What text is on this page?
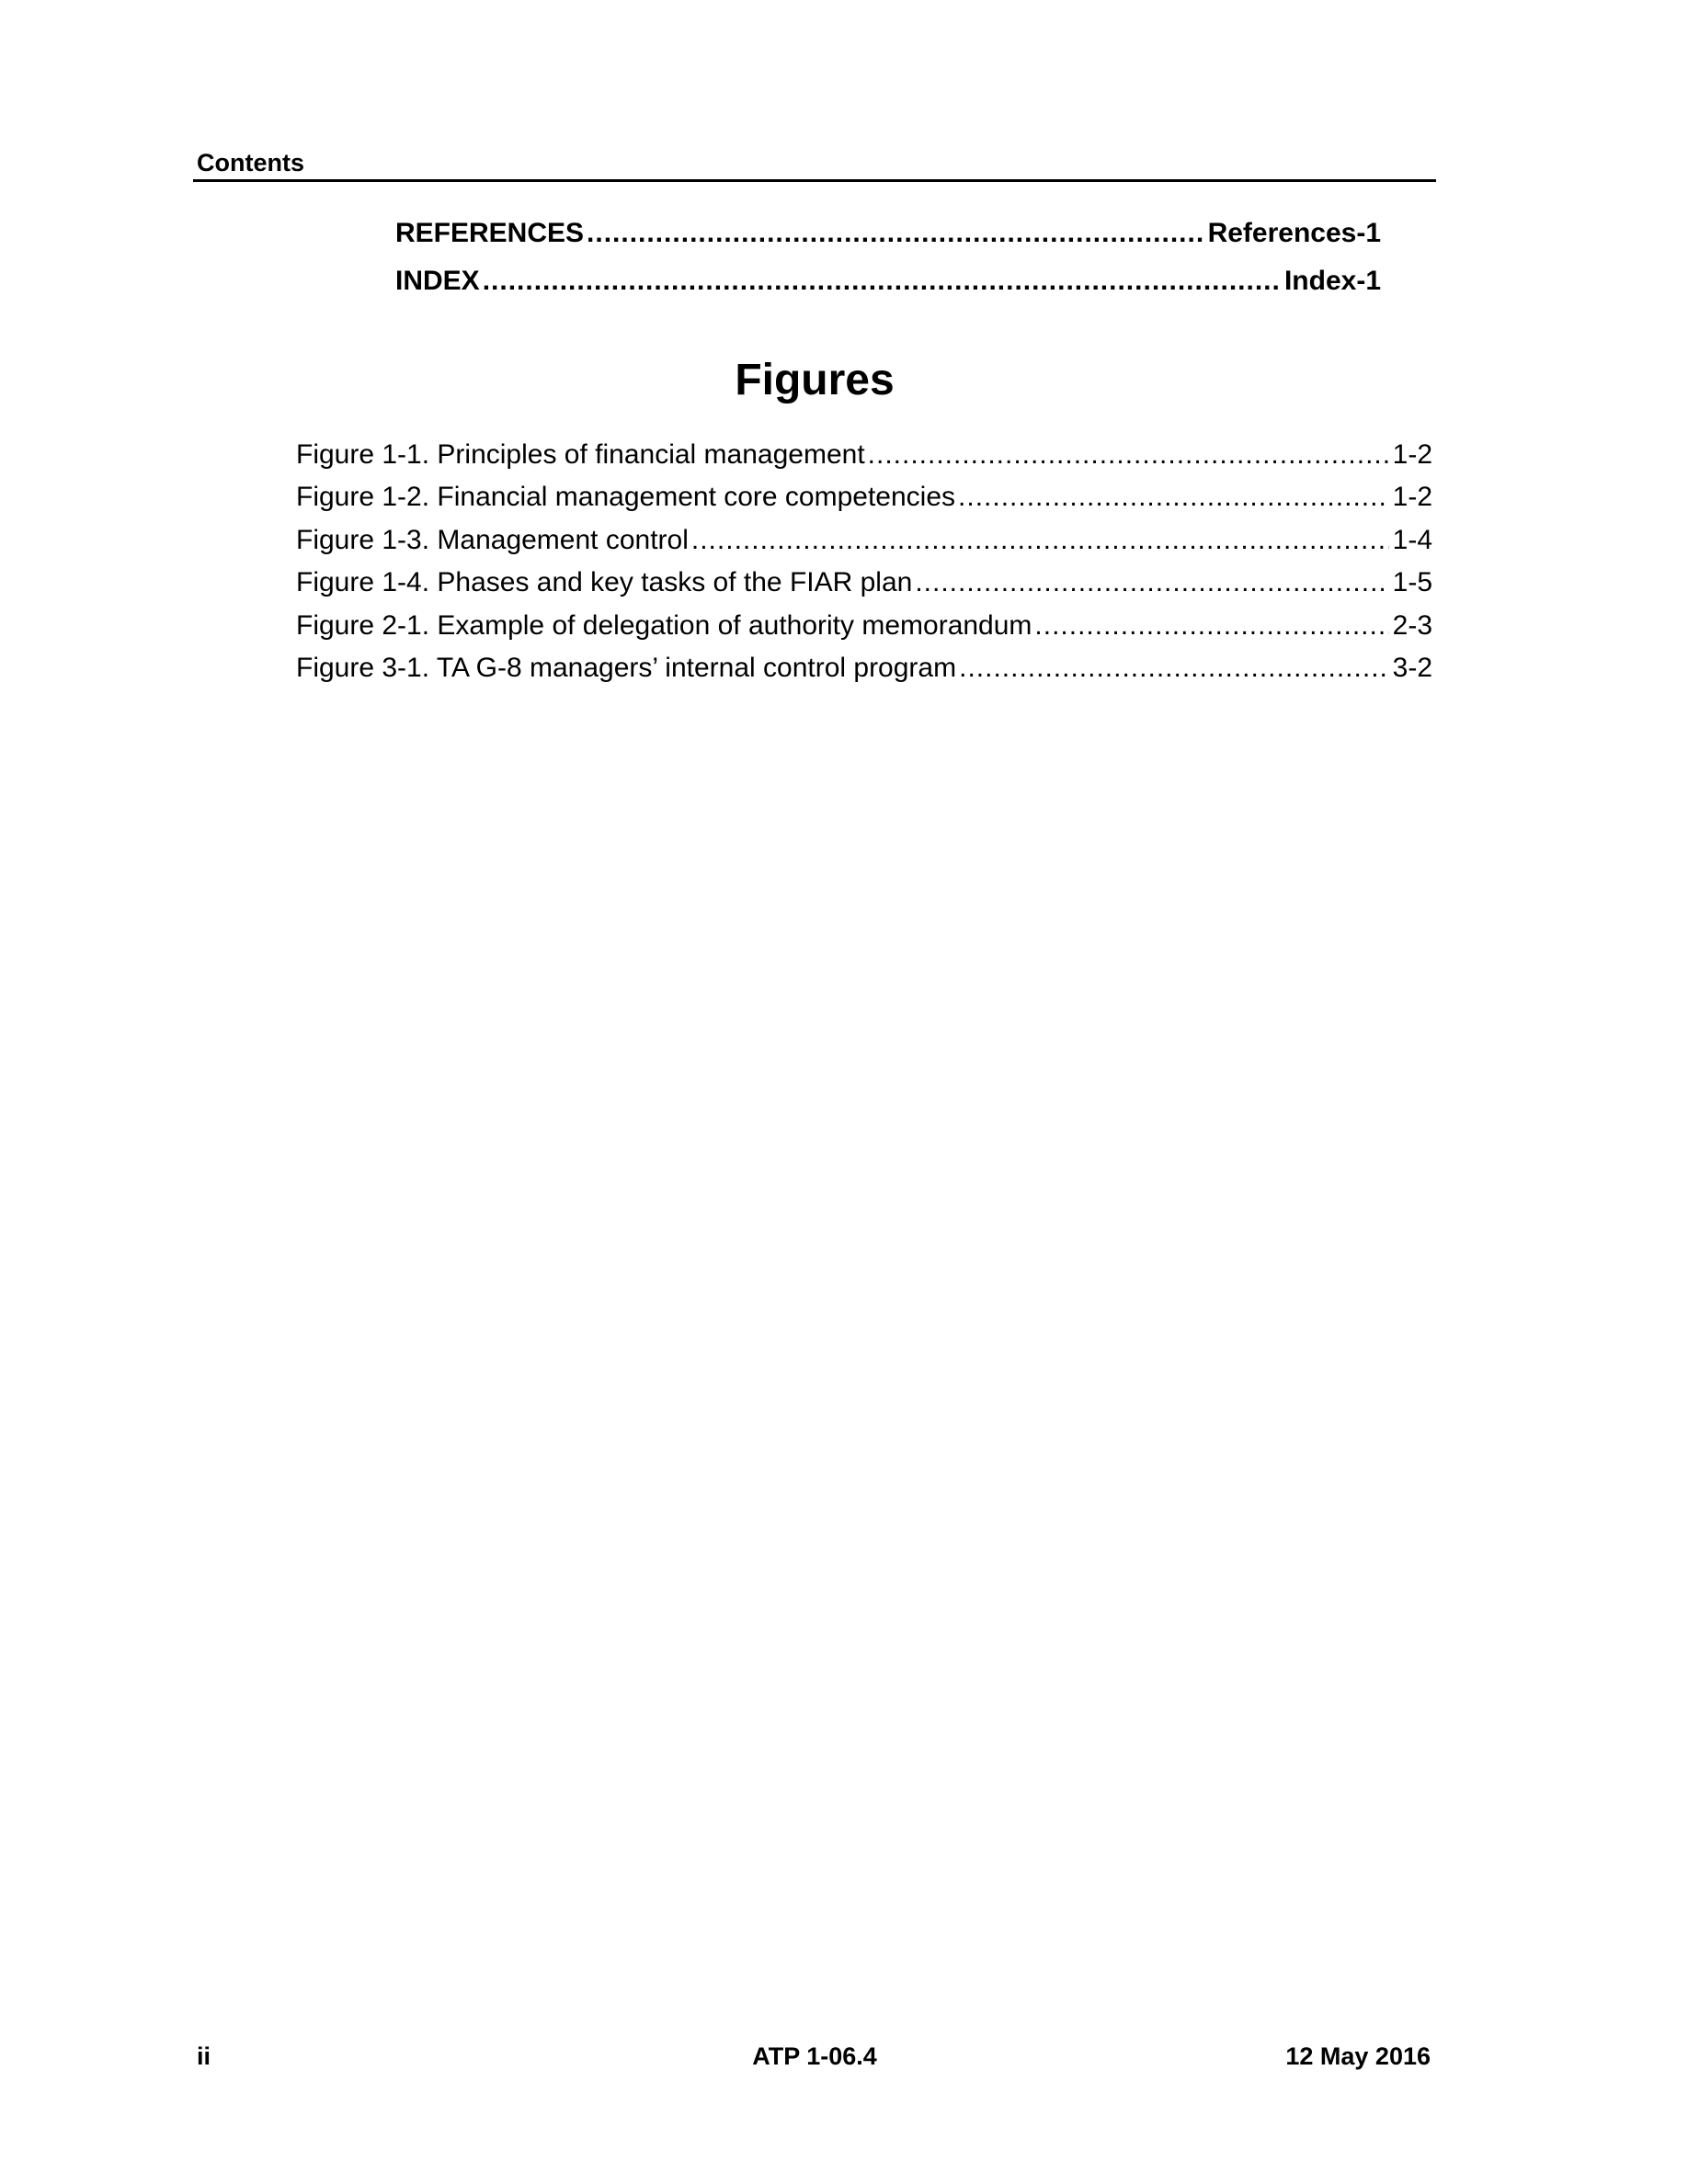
Contents
REFERENCES .....	References-1
INDEX .....	Index-1
Figures
Figure 1-1. Principles of financial management .....	1-2
Figure 1-2. Financial management core competencies .....	1-2
Figure 1-3. Management control .....	1-4
Figure 1-4. Phases and key tasks of the FIAR plan .....	1-5
Figure 2-1. Example of delegation of authority memorandum .....	2-3
Figure 3-1. TA G-8 managers’ internal control program .....	3-2
ii	ATP 1-06.4	12 May 2016
